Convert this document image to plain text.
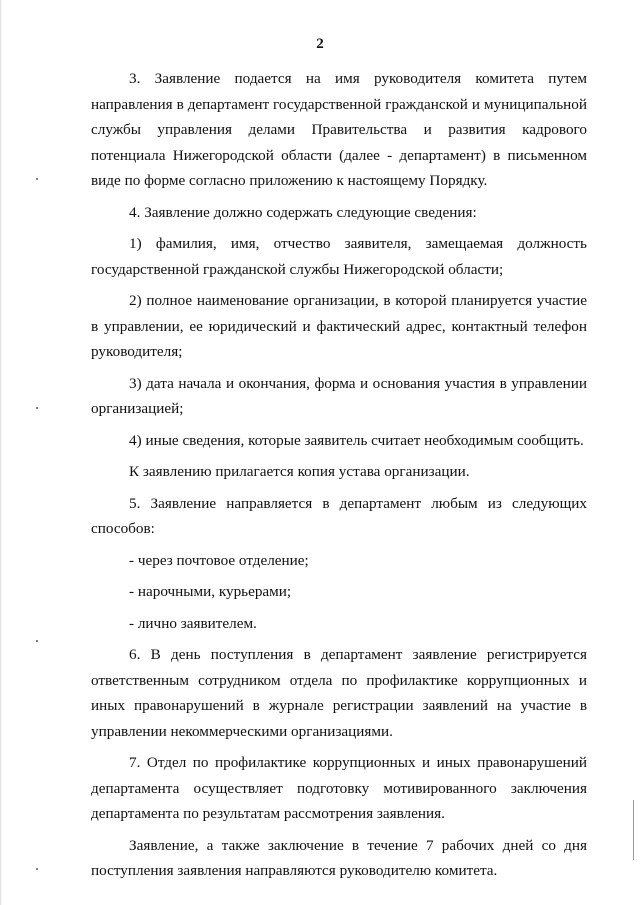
2

3. Заявление подается на имя руководителя комитета путем направления в департамент государственной гражданской и муниципальной службы управления делами Правительства и развития кадрового потенциала Нижегородской области (далее - департамент) в письменном виде по форме согласно приложению к настоящему Порядку.

4. Заявление должно содержать следующие сведения:

1) фамилия, имя, отчество заявителя, замещаемая должность государственной гражданской службы Нижегородской области;

2) полное наименование организации, в которой планируется участие в управлении, ее юридический и фактический адрес, контактный телефон руководителя;

3) дата начала и окончания, форма и основания участия в управлении организацией;

4) иные сведения, которые заявитель считает необходимым сообщить.

К заявлению прилагается копия устава организации.

5. Заявление направляется в департамент любым из следующих способов:

- через почтовое отделение;

- нарочными, курьерами;

- лично заявителем.

6. В день поступления в департамент заявление регистрируется ответственным сотрудником отдела по профилактике коррупционных и иных правонарушений в журнале регистрации заявлений на участие в управлении некоммерческими организациями.

7. Отдел по профилактике коррупционных и иных правонарушений департамента осуществляет подготовку мотивированного заключения департамента по результатам рассмотрения заявления.

Заявление, а также заключение в течение 7 рабочих дней со дня поступления заявления направляются руководителю комитета.
